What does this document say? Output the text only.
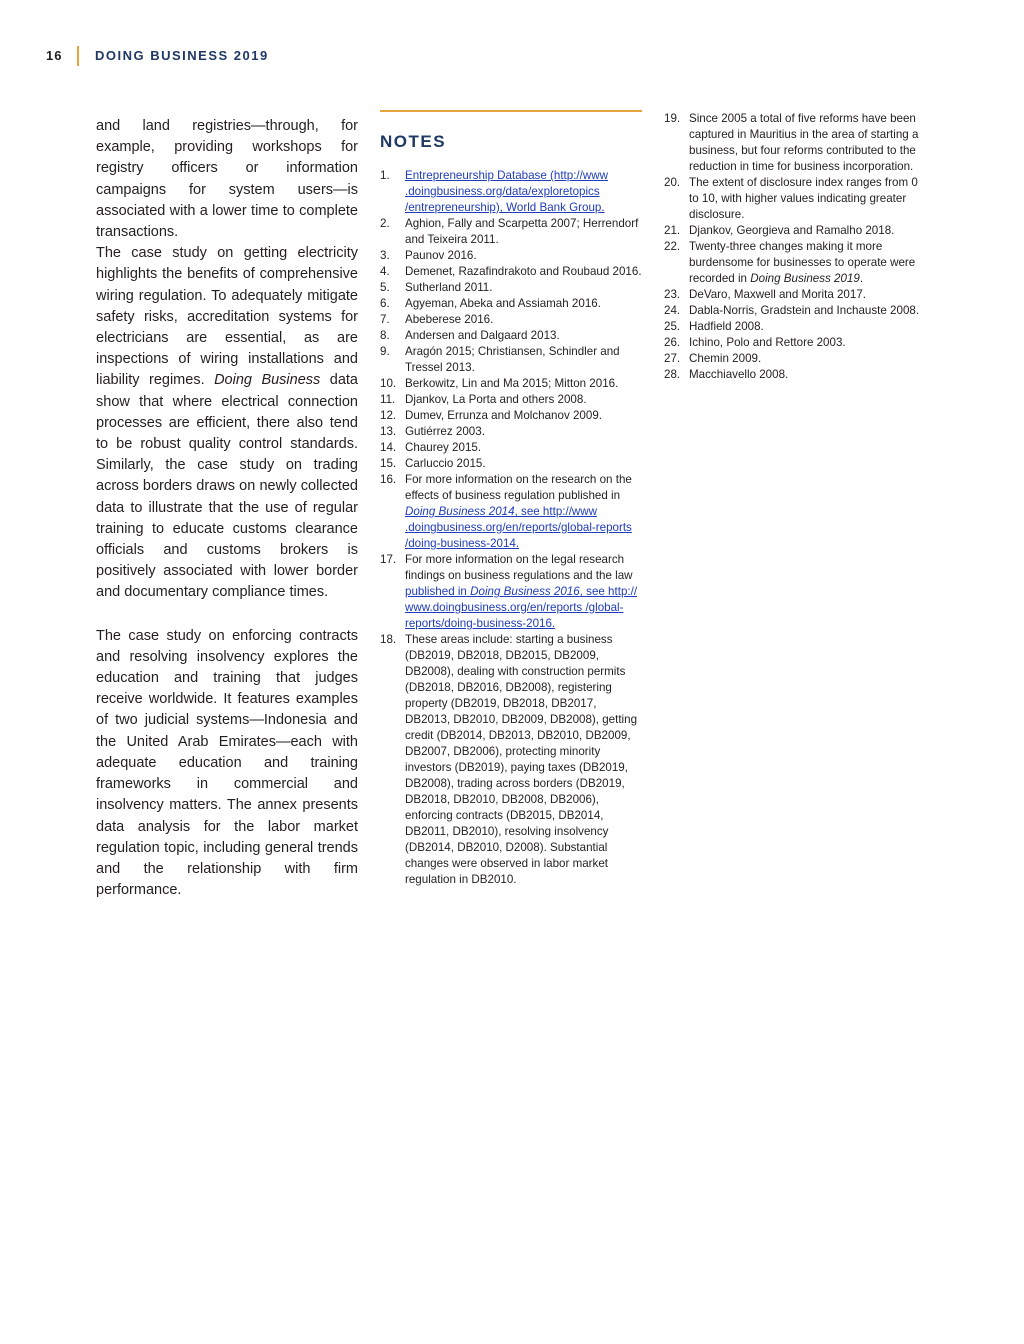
16	DOING BUSINESS 2019

and land registries—through, for example, providing workshops for registry officers or information campaigns for system users—is associated with a lower time to complete transactions.

The case study on getting electricity highlights the benefits of comprehensive wiring regulation. To adequately mitigate safety risks, accreditation systems for electricians are essential, as are inspections of wiring installations and liability regimes. Doing Business data show that where electrical connection processes are efficient, there also tend to be robust quality control standards. Similarly, the case study on trading across borders draws on newly collected data to illustrate that the use of regular training to educate customs clearance officials and customs brokers is positively associated with lower border and documentary compliance times.

The case study on enforcing contracts and resolving insolvency explores the education and training that judges receive worldwide. It features examples of two judicial systems—Indonesia and the United Arab Emirates—each with adequate education and training frameworks in commercial and insolvency matters. The annex presents data analysis for the labor market regulation topic, including general trends and the relationship with firm performance.

NOTES
1. Entrepreneurship Database (http://www .doingbusiness.org/data/exploretopics /entrepreneurship), World Bank Group.
2. Aghion, Fally and Scarpetta 2007; Herrendorf and Teixeira 2011.
3. Paunov 2016.
4. Demenet, Razafindrakoto and Roubaud 2016.
5. Sutherland 2011.
6. Agyeman, Abeka and Assiamah 2016.
7. Abeberese 2016.
8. Andersen and Dalgaard 2013.
9. Aragón 2015; Christiansen, Schindler and Tressel 2013.
10. Berkowitz, Lin and Ma 2015; Mitton 2016.
11. Djankov, La Porta and others 2008.
12. Dumev, Errunza and Molchanov 2009.
13. Gutiérrez 2003.
14. Chaurey 2015.
15. Carluccio 2015.
16. For more information on the research on the effects of business regulation published in Doing Business 2014, see http://www .doingbusiness.org/en/reports/global-reports /doing-business-2014.
17. For more information on the legal research findings on business regulations and the law published in Doing Business 2016, see http:// www.doingbusiness.org/en/reports /global-reports/doing-business-2016.
18. These areas include: starting a business (DB2019, DB2018, DB2015, DB2009, DB2008), dealing with construction permits (DB2018, DB2016, DB2008), registering property (DB2019, DB2018, DB2017, DB2013, DB2010, DB2009, DB2008), getting credit (DB2014, DB2013, DB2010, DB2009, DB2007, DB2006), protecting minority investors (DB2019), paying taxes (DB2019, DB2008), trading across borders (DB2019, DB2018, DB2010, DB2008, DB2006), enforcing contracts (DB2015, DB2014, DB2011, DB2010), resolving insolvency (DB2014, DB2010, D2008). Substantial changes were observed in labor market regulation in DB2010.
19. Since 2005 a total of five reforms have been captured in Mauritius in the area of starting a business, but four reforms contributed to the reduction in time for business incorporation.
20. The extent of disclosure index ranges from 0 to 10, with higher values indicating greater disclosure.
21. Djankov, Georgieva and Ramalho 2018.
22. Twenty-three changes making it more burdensome for businesses to operate were recorded in Doing Business 2019.
23. DeVaro, Maxwell and Morita 2017.
24. Dabla-Norris, Gradstein and Inchauste 2008.
25. Hadfield 2008.
26. Ichino, Polo and Rettore 2003.
27. Chemin 2009.
28. Macchiavello 2008.
